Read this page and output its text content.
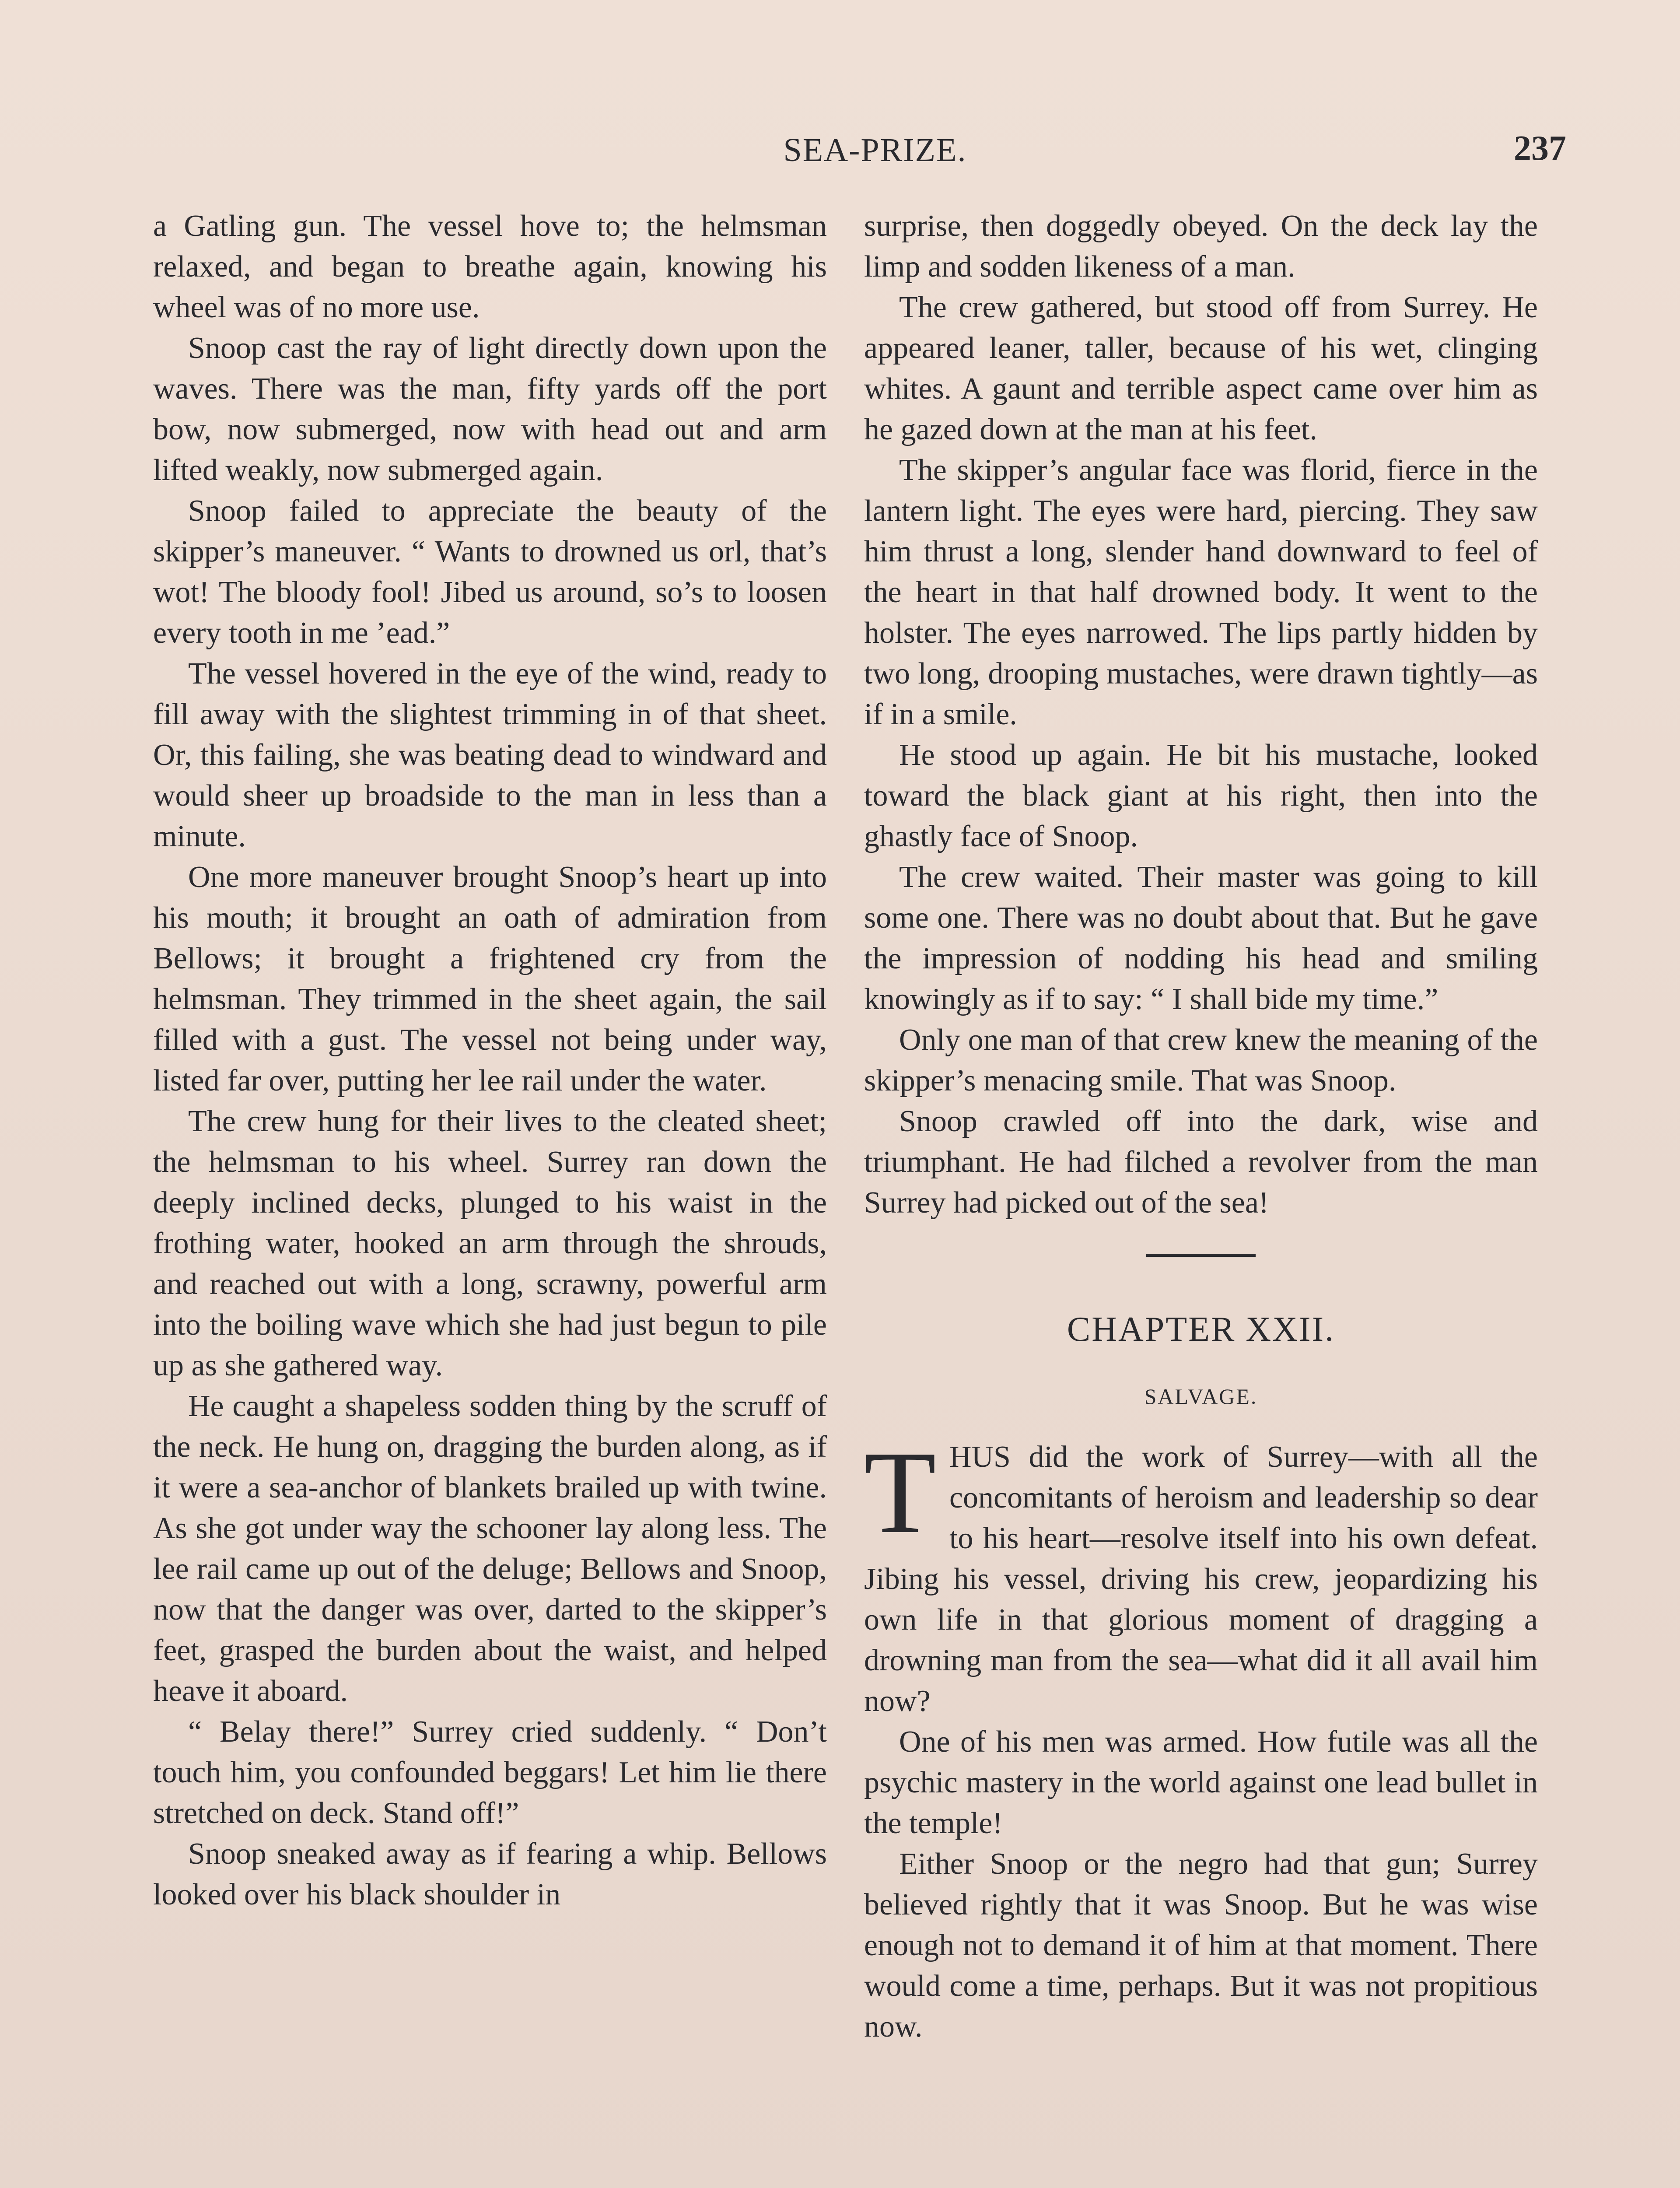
SEA-PRIZE.	237

a Gatling gun. The vessel hove to; the helmsman relaxed, and began to breathe again, knowing his wheel was of no more use.

Snoop cast the ray of light directly down upon the waves. There was the man, fifty yards off the port bow, now submerged, now with head out and arm lifted weakly, now submerged again.

Snoop failed to appreciate the beauty of the skipper’s maneuver. “ Wants to drowned us orl, that’s wot! The bloody fool! Jibed us around, so’s to loosen every tooth in me ’ead.”

The vessel hovered in the eye of the wind, ready to fill away with the slightest trimming in of that sheet. Or, this failing, she was beating dead to windward and would sheer up broadside to the man in less than a minute.

One more maneuver brought Snoop’s heart up into his mouth; it brought an oath of admiration from Bellows; it brought a frightened cry from the helmsman. They trimmed in the sheet again, the sail filled with a gust. The vessel not being under way, listed far over, putting her lee rail under the water.

The crew hung for their lives to the cleated sheet; the helmsman to his wheel. Surrey ran down the deeply inclined decks, plunged to his waist in the frothing water, hooked an arm through the shrouds, and reached out with a long, scrawny, powerful arm into the boiling wave which she had just begun to pile up as she gathered way.

He caught a shapeless sodden thing by the scruff of the neck. He hung on, dragging the burden along, as if it were a sea-anchor of blankets brailed up with twine. As she got under way the schooner lay along less. The lee rail came up out of the deluge; Bellows and Snoop, now that the danger was over, darted to the skipper’s feet, grasped the burden about the waist, and helped heave it aboard.

“ Belay there!” Surrey cried suddenly. “ Don’t touch him, you confounded beggars! Let him lie there stretched on deck. Stand off!”

Snoop sneaked away as if fearing a whip. Bellows looked over his black shoulder in

surprise, then doggedly obeyed. On the deck lay the limp and sodden likeness of a man.

The crew gathered, but stood off from Surrey. He appeared leaner, taller, because of his wet, clinging whites. A gaunt and terrible aspect came over him as he gazed down at the man at his feet.

The skipper’s angular face was florid, fierce in the lantern light. The eyes were hard, piercing. They saw him thrust a long, slender hand downward to feel of the heart in that half drowned body. It went to the holster. The eyes narrowed. The lips partly hidden by two long, drooping mustaches, were drawn tightly—as if in a smile.

He stood up again. He bit his mustache, looked toward the black giant at his right, then into the ghastly face of Snoop.

The crew waited. Their master was going to kill some one. There was no doubt about that. But he gave the impression of nodding his head and smiling knowingly as if to say: “ I shall bide my time.”

Only one man of that crew knew the meaning of the skipper’s menacing smile. That was Snoop.

Snoop crawled off into the dark, wise and triumphant. He had filched a revolver from the man Surrey had picked out of the sea!

CHAPTER XXII.
SALVAGE.

THUS did the work of Surrey—with all the concomitants of heroism and leadership so dear to his heart—resolve itself into his own defeat. Jibing his vessel, driving his crew, jeopardizing his own life in that glorious moment of dragging a drowning man from the sea—what did it all avail him now?

One of his men was armed. How futile was all the psychic mastery in the world against one lead bullet in the temple!

Either Snoop or the negro had that gun; Surrey believed rightly that it was Snoop. But he was wise enough not to demand it of him at that moment. There would come a time, perhaps. But it was not propitious now.
